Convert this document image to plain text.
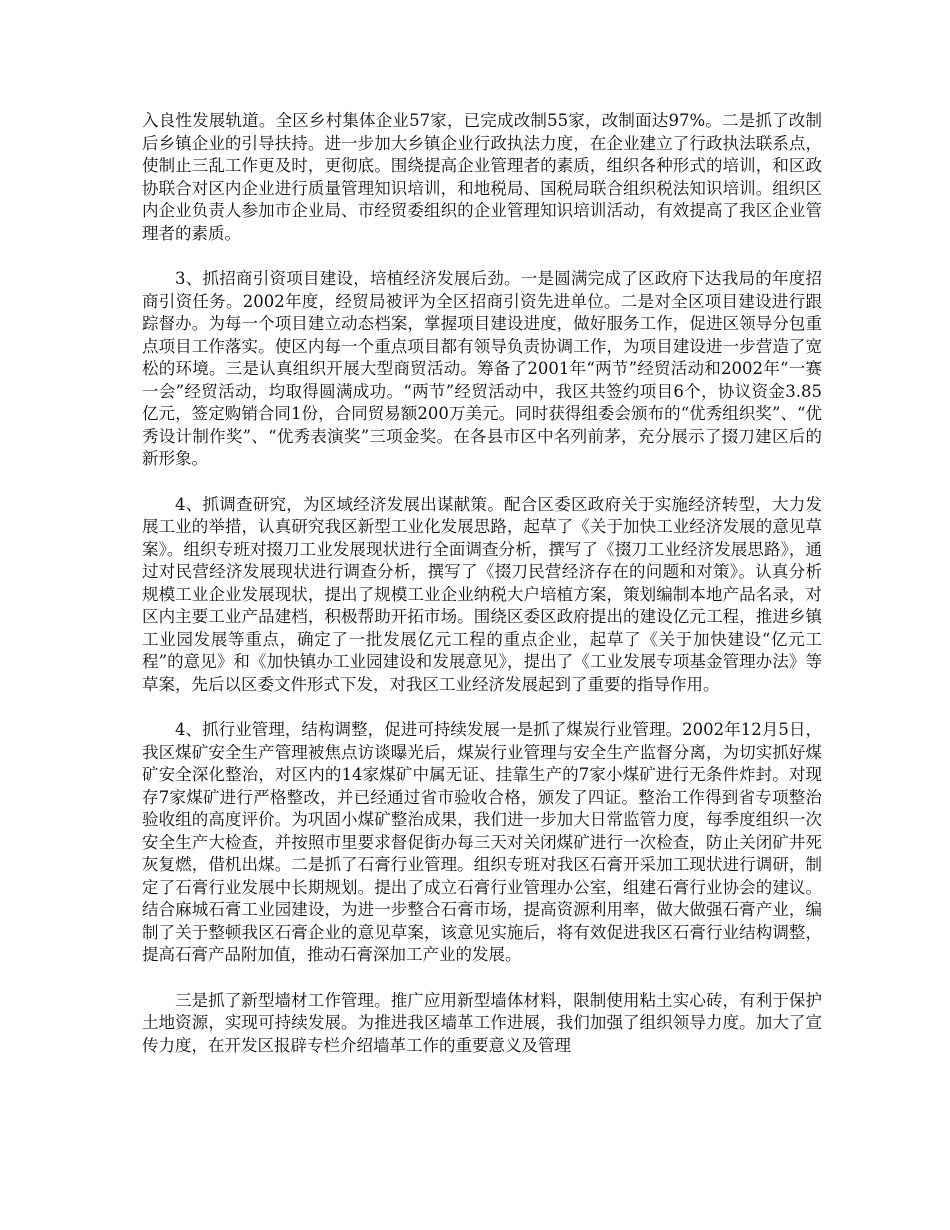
入良性发展轨道。全区乡村集体企业57家，已完成改制55家，改制面达97%。二是抓了改制后乡镇企业的引导扶持。进一步加大乡镇企业行政执法力度，在企业建立了行政执法联系点，使制止三乱工作更及时，更彻底。围绕提高企业管理者的素质，组织各种形式的培训，和区政协联合对区内企业进行质量管理知识培训，和地税局、国税局联合组织税法知识培训。组织区内企业负责人参加市企业局、市经贸委组织的企业管理知识培训活动，有效提高了我区企业管理者的素质。

3、抓招商引资项目建设，培植经济发展后劲。一是圆满完成了区政府下达我局的年度招商引资任务。2002年度，经贸局被评为全区招商引资先进单位。二是对全区项目建设进行跟踪督办。为每一个项目建立动态档案，掌握项目建设进度，做好服务工作，促进区领导分包重点项目工作落实。使区内每一个重点项目都有领导负责协调工作，为项目建设进一步营造了宽松的环境。三是认真组织开展大型商贸活动。筹备了2001年“两节”经贸活动和2002年“一赛一会”经贸活动，均取得圆满成功。“两节”经贸活动中，我区共签约项目6个，协议资金3.85亿元，签定购销合同1份，合同贸易额200万美元。同时获得组委会颁布的“优秀组织奖”、“优秀设计制作奖”、“优秀表演奖”三项金奖。在各县市区中名列前茅，充分展示了掇刀建区后的新形象。

4、抓调查研究，为区域经济发展出谋献策。配合区委区政府关于实施经济转型，大力发展工业的举措，认真研究我区新型工业化发展思路，起草了《关于加快工业经济发展的意见草案》。组织专班对掇刀工业发展现状进行全面调查分析，撰写了《掇刀工业经济发展思路》，通过对民营经济发展现状进行调查分析，撰写了《掇刀民营经济存在的问题和对策》。认真分析规模工业企业发展现状，提出了规模工业企业纳税大户培植方案，策划编制本地产品名录，对区内主要工业产品建档，积极帮助开拓市场。围绕区委区政府提出的建设亿元工程，推进乡镇工业园发展等重点，确定了一批发展亿元工程的重点企业，起草了《关于加快建设“亿元工程”的意见》和《加快镇办工业园建设和发展意见》，提出了《工业发展专项基金管理办法》等草案，先后以区委文件形式下发，对我区工业经济发展起到了重要的指导作用。

4、抓行业管理，结构调整，促进可持续发展一是抓了煤炭行业管理。2002年12月5日，我区煤矿安全生产管理被焦点访谈曝光后，煤炭行业管理与安全生产监督分离，为切实抓好煤矿安全深化整治，对区内的14家煤矿中属无证、挂靠生产的7家小煤矿进行无条件炸封。对现存7家煤矿进行严格整改，并已经通过省市验收合格，颁发了四证。整治工作得到省专项整治验收组的高度评价。为巩固小煤矿整治成果，我们进一步加大日常监管力度，每季度组织一次安全生产大检查，并按照市里要求督促街办每三天对关闭煤矿进行一次检查，防止关闭矿井死灰复燃，借机出煤。二是抓了石膏行业管理。组织专班对我区石膏开采加工现状进行调研，制定了石膏行业发展中长期规划。提出了成立石膏行业管理办公室，组建石膏行业协会的建议。结合麻城石膏工业园建设，为进一步整合石膏市场，提高资源利用率，做大做强石膏产业，编制了关于整顿我区石膏企业的意见草案，该意见实施后，将有效促进我区石膏行业结构调整，提高石膏产品附加值，推动石膏深加工产业的发展。

三是抓了新型墙材工作管理。推广应用新型墙体材料，限制使用粘土实心砖，有利于保护土地资源，实现可持续发展。为推进我区墙革工作进展，我们加强了组织领导力度。加大了宣传力度，在开发区报辟专栏介绍墙革工作的重要意义及管理
